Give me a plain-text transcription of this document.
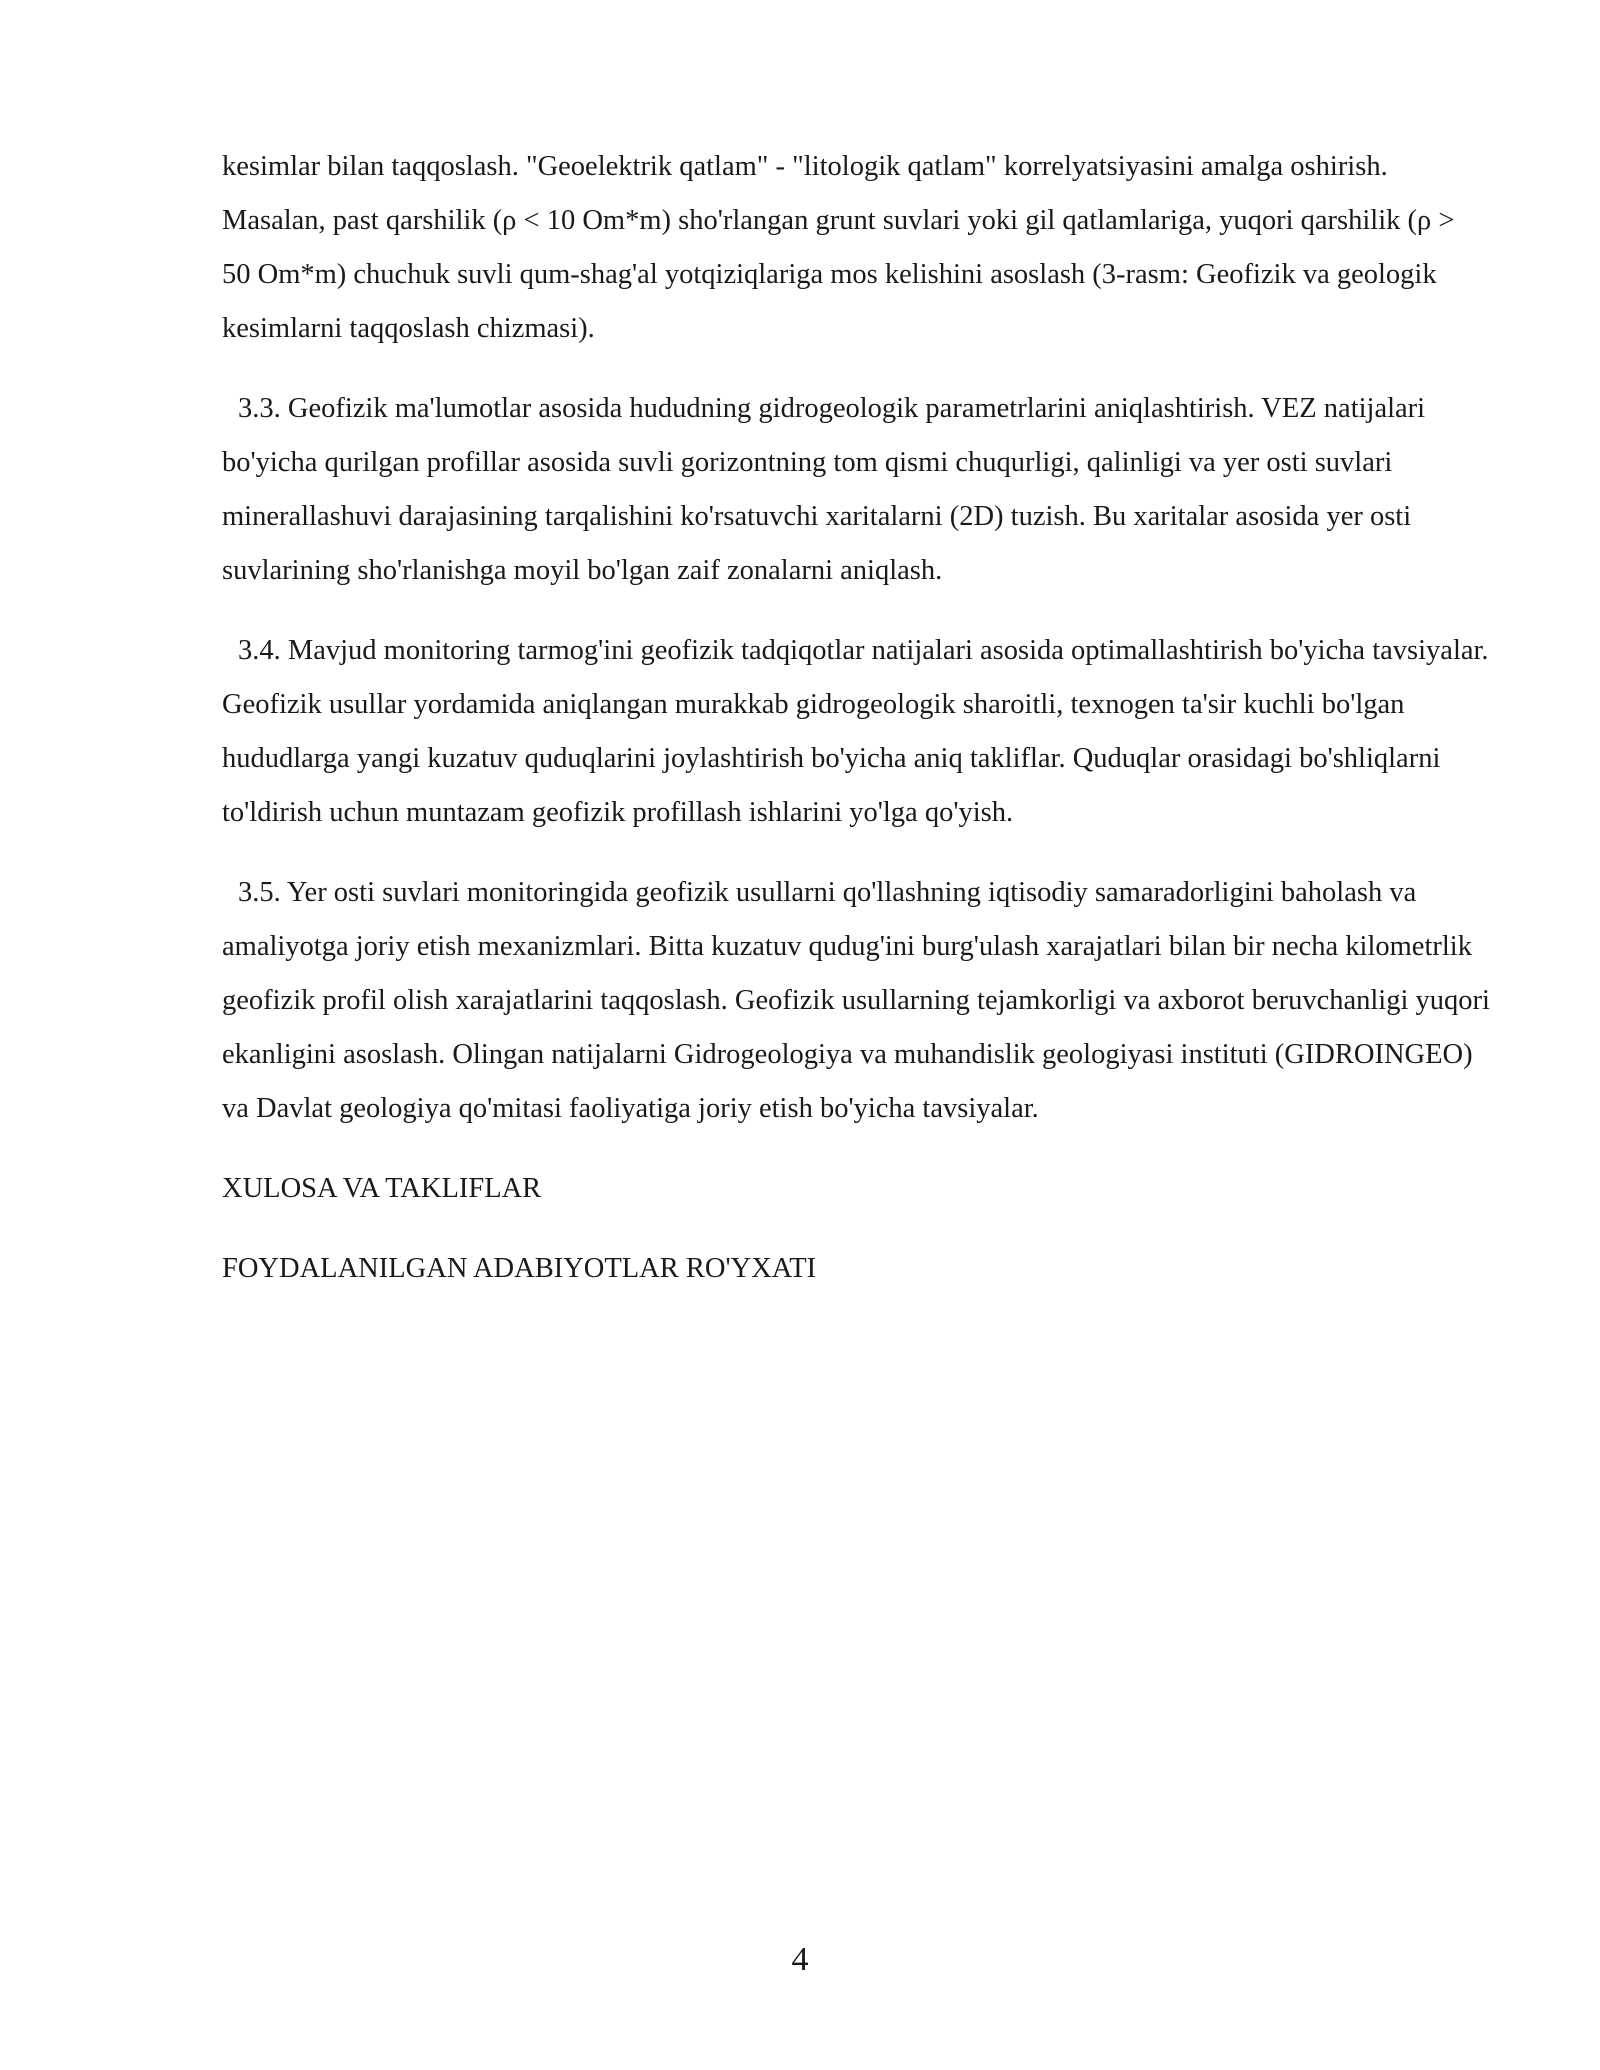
kesimlar bilan taqqoslash. "Geoelektrik qatlam" - "litologik qatlam" korrelyatsiyasini amalga oshirish. Masalan, past qarshilik (ρ < 10 Om*m) sho'rlangan grunt suvlari yoki gil qatlamlariga, yuqori qarshilik (ρ > 50 Om*m) chuchuk suvli qum-shag'al yotqiziqlariga mos kelishini asoslash (3-rasm: Geofizik va geologik kesimlarni taqqoslash chizmasi).

3.3. Geofizik ma'lumotlar asosida hududning gidrogeologik parametrlarini aniqlashtirish. VEZ natijalari bo'yicha qurilgan profillar asosida suvli gorizontning tom qismi chuqurligi, qalinligi va yer osti suvlari minerallashuvi darajasining tarqalishini ko'rsatuvchi xaritalarni (2D) tuzish. Bu xaritalar asosida yer osti suvlarining sho'rlanishga moyil bo'lgan zaif zonalarni aniqlash.

3.4. Mavjud monitoring tarmog'ini geofizik tadqiqotlar natijalari asosida optimallashtirish bo'yicha tavsiyalar. Geofizik usullar yordamida aniqlangan murakkab gidrogeologik sharoitli, texnogen ta'sir kuchli bo'lgan hududlarga yangi kuzatuv quduqlarini joylashtirish bo'yicha aniq takliflar. Quduqlar orasidagi bo'shliqlarni to'ldirish uchun muntazam geofizik profillash ishlarini yo'lga qo'yish.

3.5. Yer osti suvlari monitoringida geofizik usullarni qo'llashning iqtisodiy samaradorligini baholash va amaliyotga joriy etish mexanizmlari. Bitta kuzatuv qudug'ini burg'ulash xarajatlari bilan bir necha kilometrlik geofizik profil olish xarajatlarini taqqoslash. Geofizik usullarning tejamkorligi va axborot beruvchanligi yuqori ekanligini asoslash. Olingan natijalarni Gidrogeologiya va muhandislik geologiyasi instituti (GIDROINGEO) va Davlat geologiya qo'mitasi faoliyatiga joriy etish bo'yicha tavsiyalar.

XULOSA VA TAKLIFLAR

FOYDALANILGAN ADABIYOTLAR RO'YXATI

4
